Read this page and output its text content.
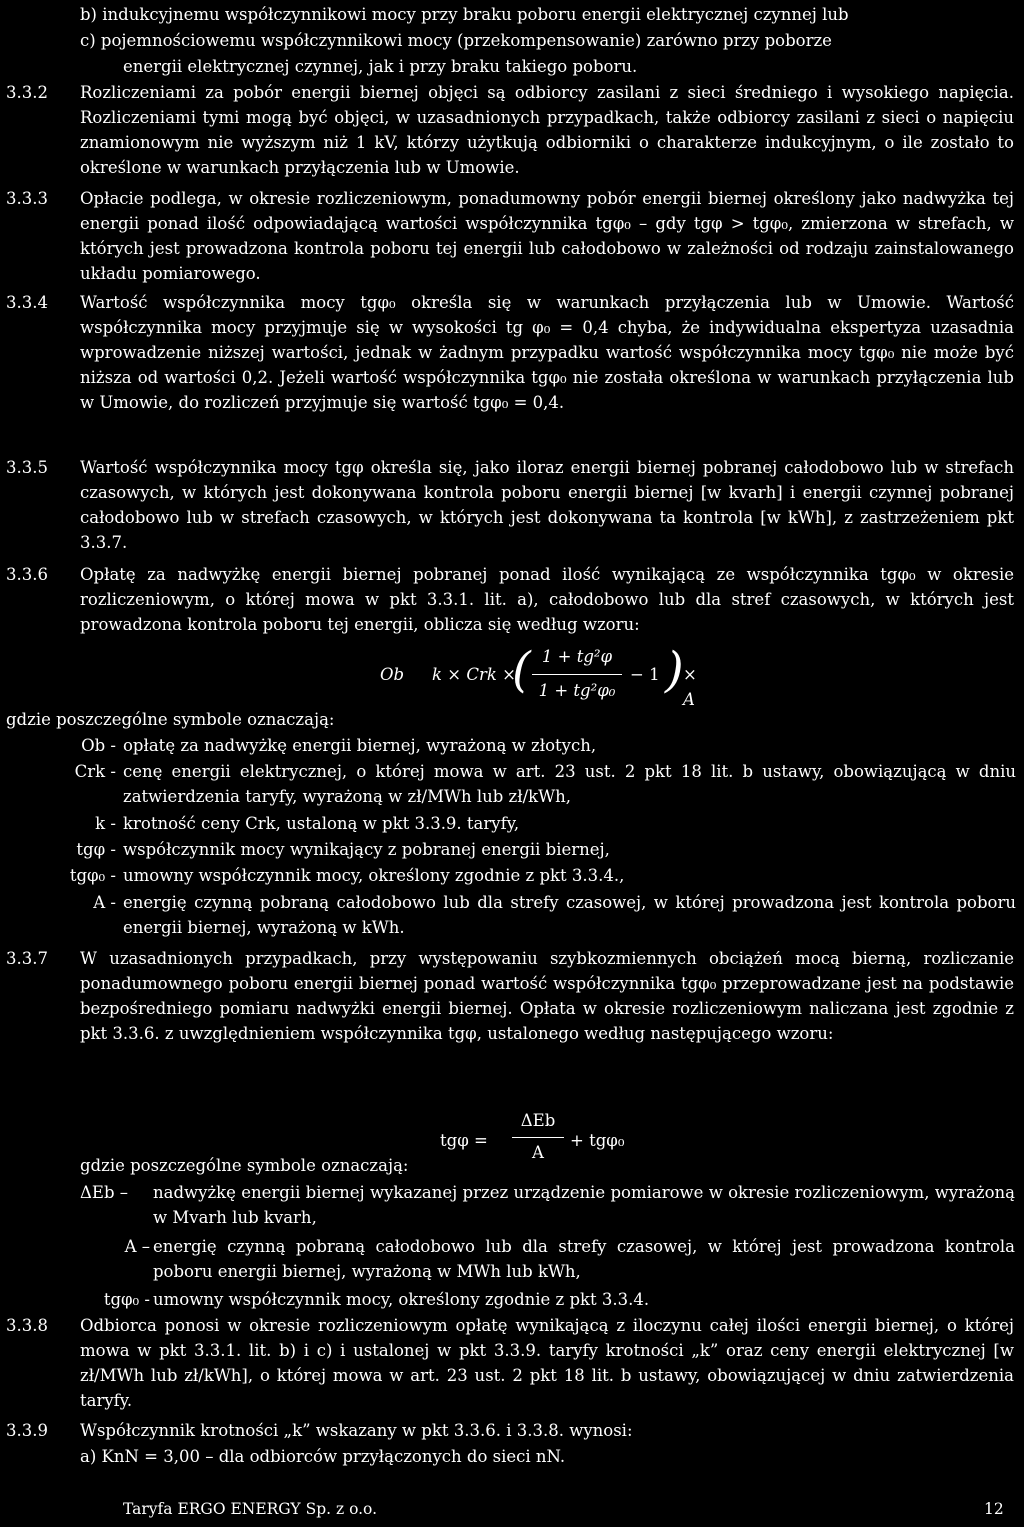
b) indukcyjnemu współczynnikowi mocy przy braku poboru energii elektrycznej czynnej lub
c) pojemnościowemu współczynnikowi mocy (przekompensowanie) zarówno przy poborze
energii elektrycznej czynnej, jak i przy braku takiego poboru.
3.3.2 Rozliczeniami za pobór energii biernej objęci są odbiorcy zasilani z sieci średniego i wysokiego napięcia. Rozliczeniami tymi mogą być objęci, w uzasadnionych przypadkach, także odbiorcy zasilani z sieci o napięciu znamionowym nie wyższym niż 1 kV, którzy użytkują odbiorniki o charakterze indukcyjnym, o ile zostało to określone w warunkach przyłączenia lub w Umowie.
3.3.3 Opłacie podlega, w okresie rozliczeniowym, ponadumowny pobór energii biernej określony jako nadwyżka tej energii ponad ilość odpowiadającą wartości współczynnika tgφ₀ – gdy tgφ > tgφ₀, zmierzona w strefach, w których jest prowadzona kontrola poboru tej energii lub całodobowo w zależności od rodzaju zainstalowanego układu pomiarowego.
3.3.4 Wartość współczynnika mocy tgφ₀ określa się w warunkach przyłączenia lub w Umowie. Wartość współczynnika mocy przyjmuje się w wysokości tg φ₀ = 0,4 chyba, że indywidualna ekspertyza uzasadnia wprowadzenie niższej wartości, jednak w żadnym przypadku wartość współczynnika mocy tgφ₀ nie może być niższa od wartości 0,2. Jeżeli wartość współczynnika tgφ₀ nie została określona w warunkach przyłączenia lub w Umowie, do rozliczeń przyjmuje się wartość tgφ₀ = 0,4.
3.3.5 Wartość współczynnika mocy tgφ określa się, jako iloraz energii biernej pobranej całodobowo lub w strefach czasowych, w których jest dokonywana kontrola poboru energii biernej [w kvarh] i energii czynnej pobranej całodobowo lub w strefach czasowych, w których jest dokonywana ta kontrola [w kWh], z zastrzeżeniem pkt 3.3.7.
3.3.6 Opłatę za nadwyżkę energii biernej pobranej ponad ilość wynikającą ze współczynnika tgφ₀ w okresie rozliczeniowym, o której mowa w pkt 3.3.1. lit. a), całodobowo lub dla stref czasowych, w których jest prowadzona kontrola poboru tej energii, oblicza się według wzoru:
Ob k × Crk ×
( 1 + tg²φ
1 + tg²φ₀
− 1 ) × A
gdzie poszczególne symbole oznaczają:
Ob - opłatę za nadwyżkę energii biernej, wyrażoną w złotych,
Crk - cenę energii elektrycznej, o której mowa w art. 23 ust. 2 pkt 18 lit. b ustawy, obowiązującą w dniu zatwierdzenia taryfy, wyrażoną w zł/MWh lub zł/kWh,
k - krotność ceny Crk, ustaloną w pkt 3.3.9. taryfy,
tgφ - współczynnik mocy wynikający z pobranej energii biernej,
tgφ₀ - umowny współczynnik mocy, określony zgodnie z pkt 3.3.4.,
A - energię czynną pobraną całodobowo lub dla strefy czasowej, w której prowadzona jest kontrola poboru energii biernej, wyrażoną w kWh.
3.3.7 W uzasadnionych przypadkach, przy występowaniu szybkozmiennych obciążeń mocą bierną, rozliczanie ponadumownego poboru energii biernej ponad wartość współczynnika tgφ₀ przeprowadzane jest na podstawie bezpośredniego pomiaru nadwyżki energii biernej. Opłata w okresie rozliczeniowym naliczana jest zgodnie z pkt 3.3.6. z uwzględnieniem współczynnika tgφ, ustalonego według następującego wzoru:
tgφ =
ΔEb
A
+ tgφ₀
gdzie poszczególne symbole oznaczają:
ΔEb –	nadwyżkę energii biernej wykazanej przez urządzenie pomiarowe w okresie rozliczeniowym, wyrażoną w Mvarh lub kvarh,
A – energię czynną pobraną całodobowo lub dla strefy czasowej, w której jest prowadzona kontrola poboru energii biernej, wyrażoną w MWh lub kWh,
tgφ₀ - umowny współczynnik mocy, określony zgodnie z pkt 3.3.4.
3.3.8 Odbiorca ponosi w okresie rozliczeniowym opłatę wynikającą z iloczynu całej ilości energii biernej, o której mowa w pkt 3.3.1. lit. b) i c) i ustalonej w pkt 3.3.9. taryfy krotności „k” oraz ceny energii elektrycznej [w zł/MWh lub zł/kWh], o której mowa w art. 23 ust. 2 pkt 18 lit. b ustawy, obowiązującej w dniu zatwierdzenia taryfy.
3.3.9 Współczynnik krotności „k” wskazany w pkt 3.3.6. i 3.3.8. wynosi:
a) KnN = 3,00 – dla odbiorców przyłączonych do sieci nN.
Taryfa ERGO ENERGY Sp. z o.o.	12
